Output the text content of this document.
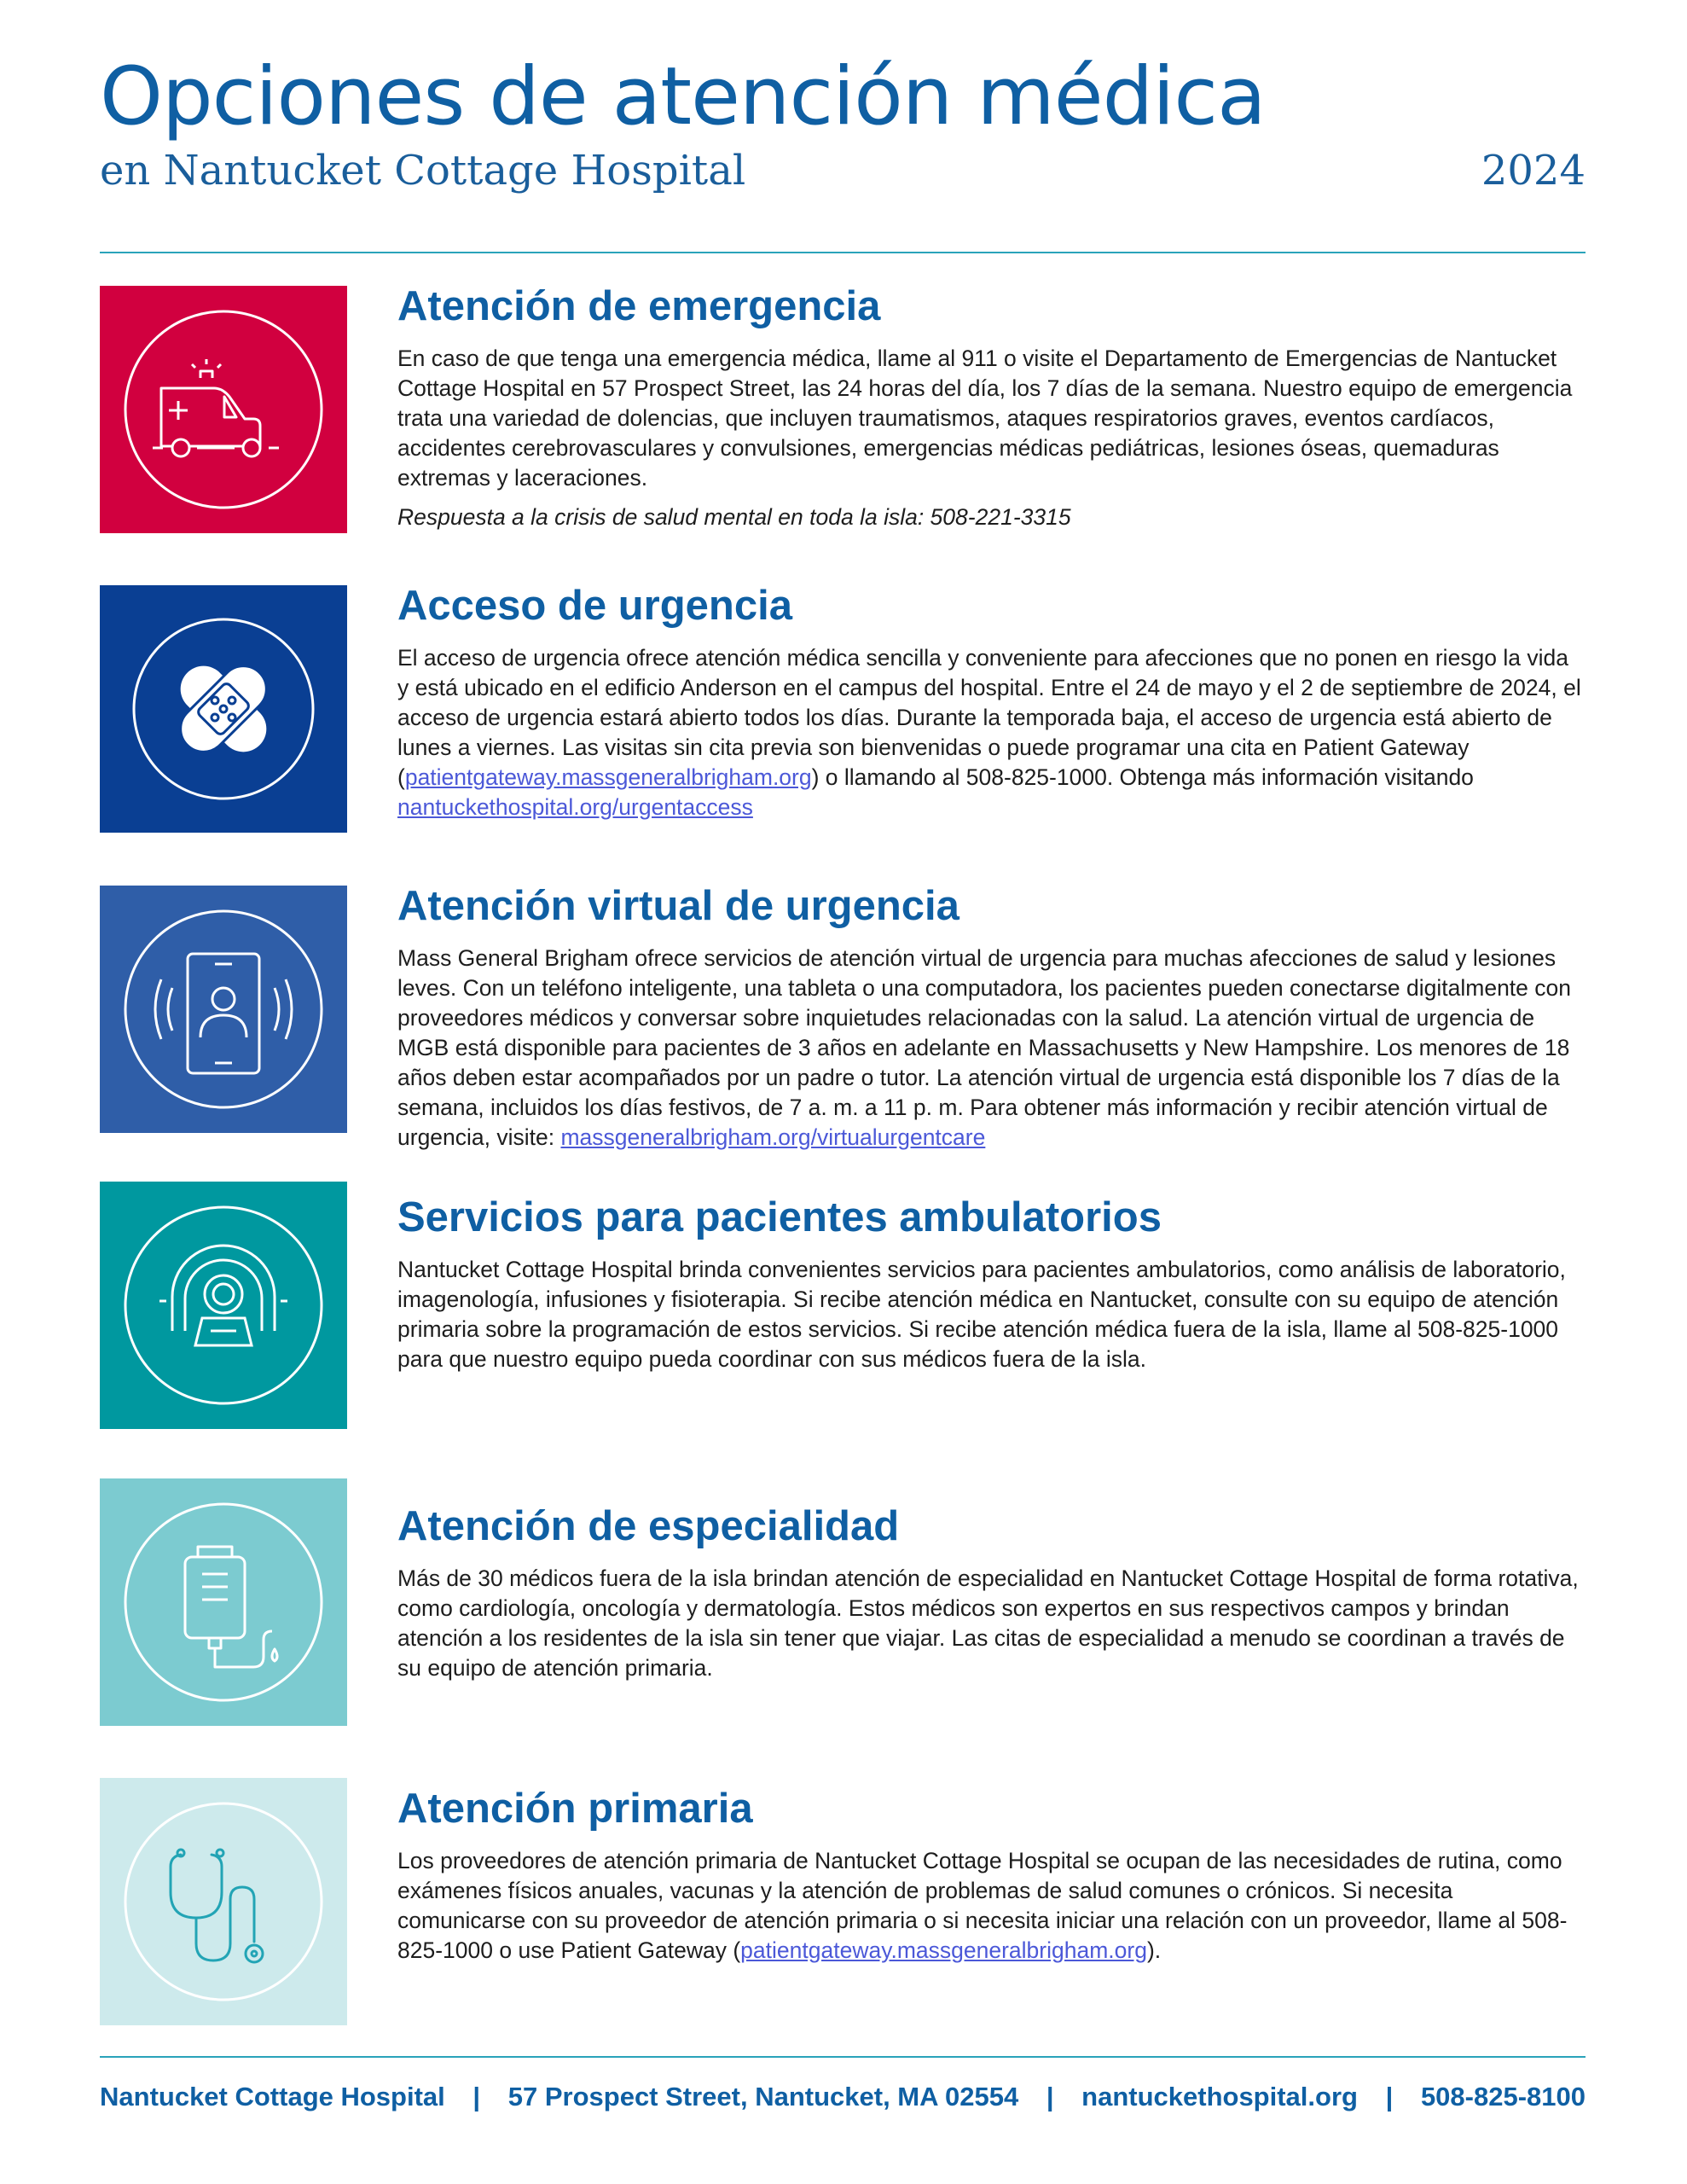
Opciones de atención médica
en Nantucket Cottage Hospital	2024
Atención de emergencia

En caso de que tenga una emergencia médica, llame al 911 o visite el Departamento de Emergencias de Nantucket Cottage Hospital en 57 Prospect Street, las 24 horas del día, los 7 días de la semana. Nuestro equipo de emergencia trata una variedad de dolencias, que incluyen traumatismos, ataques respiratorios graves, eventos cardíacos, accidentes cerebrovasculares y convulsiones, emergencias médicas pediátricas, lesiones óseas, quemaduras extremas y laceraciones.

Respuesta a la crisis de salud mental en toda la isla: 508-221-3315
Acceso de urgencia

El acceso de urgencia ofrece atención médica sencilla y conveniente para afecciones que no ponen en riesgo la vida y está ubicado en el edificio Anderson en el campus del hospital. Entre el 24 de mayo y el 2 de septiembre de 2024, el acceso de urgencia estará abierto todos los días. Durante la temporada baja, el acceso de urgencia está abierto de lunes a viernes. Las visitas sin cita previa son bienvenidas o puede programar una cita en Patient Gateway (patientgateway.massgeneralbrigham.org) o llamando al 508-825-1000. Obtenga más información visitando nantuckethospital.org/urgentaccess

Atención virtual de urgencia

Mass General Brigham ofrece servicios de atención virtual de urgencia para muchas afecciones de salud y lesiones leves. Con un teléfono inteligente, una tableta o una computadora, los pacientes pueden conectarse digitalmente con proveedores médicos y conversar sobre inquietudes relacionadas con la salud. La atención virtual de urgencia de MGB está disponible para pacientes de 3 años en adelante en Massachusetts y New Hampshire. Los menores de 18 años deben estar acompañados por un padre o tutor. La atención virtual de urgencia está disponible los 7 días de la semana, incluidos los días festivos, de 7 a. m. a 11 p. m. Para obtener más información y recibir atención virtual de urgencia, visite: massgeneralbrigham.org/virtualurgentcare

Servicios para pacientes ambulatorios

Nantucket Cottage Hospital brinda convenientes servicios para pacientes ambulatorios, como análisis de laboratorio, imagenología, infusiones y fisioterapia. Si recibe atención médica en Nantucket, consulte con su equipo de atención primaria sobre la programación de estos servicios. Si recibe atención médica fuera de la isla, llame al 508-825-1000 para que nuestro equipo pueda coordinar con sus médicos fuera de la isla.

Atención de especialidad

Más de 30 médicos fuera de la isla brindan atención de especialidad en Nantucket Cottage Hospital de forma rotativa, como cardiología, oncología y dermatología. Estos médicos son expertos en sus respectivos campos y brindan atención a los residentes de la isla sin tener que viajar. Las citas de especialidad a menudo se coordinan a través de su equipo de atención primaria.

Atención primaria

Los proveedores de atención primaria de Nantucket Cottage Hospital se ocupan de las necesidades de rutina, como exámenes físicos anuales, vacunas y la atención de problemas de salud comunes o crónicos. Si necesita comunicarse con su proveedor de atención primaria o si necesita iniciar una relación con un proveedor, llame al 508-825-1000 o use Patient Gateway (patientgateway.massgeneralbrigham.org).

Nantucket Cottage Hospital | 57 Prospect Street, Nantucket, MA 02554 | nantuckethospital.org | 508-825-8100
